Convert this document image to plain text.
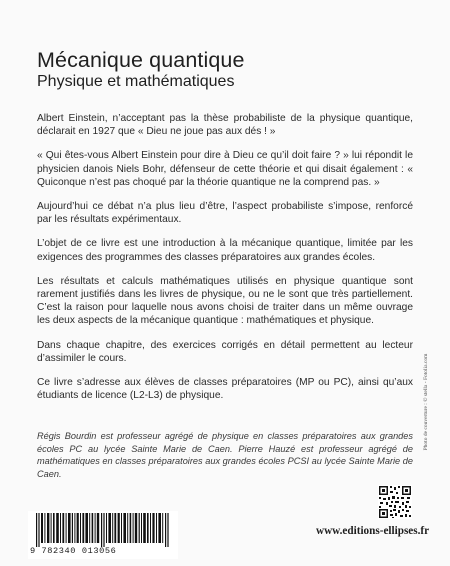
Mécanique quantique
Physique et mathématiques

Albert Einstein, n’acceptant pas la thèse probabiliste de la physique quantique, déclarait en 1927 que « Dieu ne joue pas aux dés ! »

« Qui êtes-vous Albert Einstein pour dire à Dieu ce qu’il doit faire ? » lui répondit le physicien danois Niels Bohr, défenseur de cette théorie et qui disait également : « Quiconque n’est pas choqué par la théorie quantique ne la comprend pas. »

Aujourd’hui ce débat n’a plus lieu d’être, l’aspect probabiliste s’impose, renforcé par les résultats expérimentaux.

L’objet de ce livre est une introduction à la mécanique quantique, limitée par les exigences des programmes des classes préparatoires aux grandes écoles.

Les résultats et calculs mathématiques utilisés en physique quantique sont rarement justifiés dans les livres de physique, ou ne le sont que très partiellement. C’est la raison pour laquelle nous avons choisi de traiter dans un même ouvrage les deux aspects de la mécanique quantique : mathématiques et physique.

Dans chaque chapitre, des exercices corrigés en détail permettent au lecteur d’assimiler le cours.

Ce livre s’adresse aux élèves de classes préparatoires (MP ou PC), ainsi qu’aux étudiants de licence (L2-L3) de physique.

Régis Bourdin est professeur agrégé de physique en classes préparatoires aux grandes écoles PC au lycée Sainte Marie de Caen. Pierre Hauzé est professeur agrégé de mathématiques en classes préparatoires aux grandes écoles PCSI au lycée Sainte Marie de Caen.

Photo de couverture : © stella - Fotolia.com
9 782340 013056
www.editions-ellipses.fr
